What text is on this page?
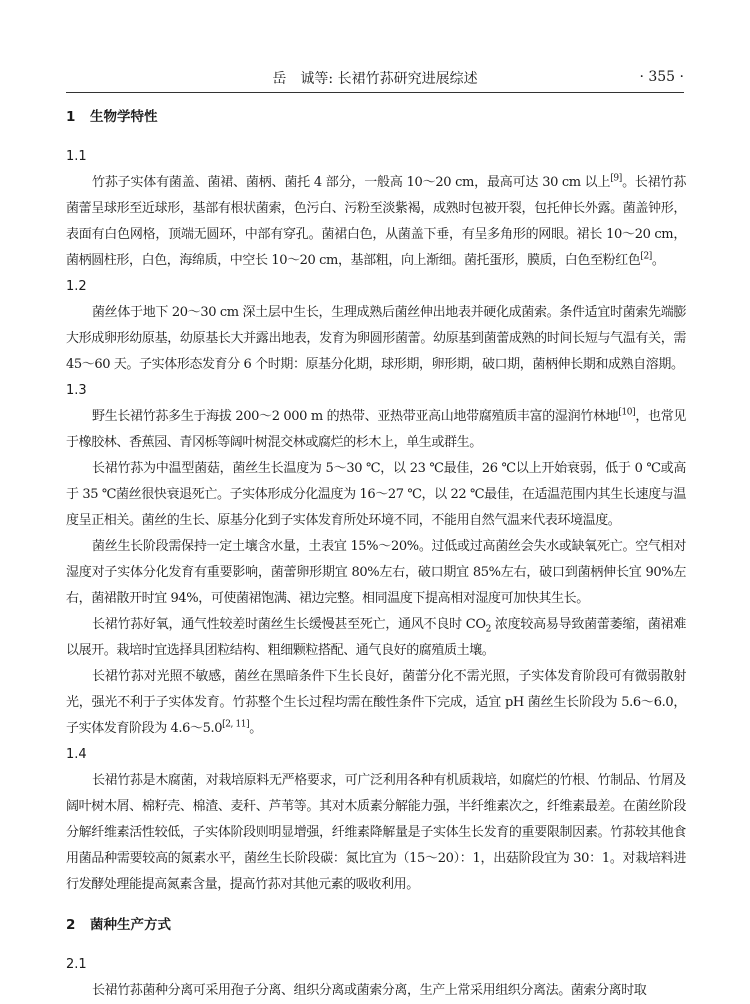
岳　诚等: 长裙竹荪研究进展综述	· 355 ·
1 生物学特性
1.1
竹荪子实体有菌盖、菌裙、菌柄、菌托 4 部分，一般高 10～20 cm，最高可达 30 cm 以上[9]。长裙竹荪菌蕾呈球形至近球形，基部有根状菌索，色污白、污粉至淡紫褐，成熟时包被开裂，包托伸长外露。菌盖钟形，表面有白色网格，顶端无圆环，中部有穿孔。菌裙白色，从菌盖下垂，有呈多角形的网眼。裙长 10～20 cm，菌柄圆柱形，白色，海绵质，中空长 10～20 cm，基部粗，向上渐细。菌托蛋形，膜质，白色至粉红色[2]。
1.2
菌丝体于地下 20～30 cm 深土层中生长，生理成熟后菌丝伸出地表并硬化成菌索。条件适宜时菌索先端膨大形成卵形幼原基，幼原基长大并露出地表，发育为卵圆形菌蕾。幼原基到菌蕾成熟的时间长短与气温有关，需 45～60 天。子实体形态发育分 6 个时期：原基分化期，球形期，卵形期，破口期，菌柄伸长期和成熟自溶期。
1.3
野生长裙竹荪多生于海拔 200～2 000 m 的热带、亚热带亚高山地带腐殖质丰富的湿润竹林地[10]，也常见于橡胶林、香蕉园、青冈栎等阔叶树混交林或腐烂的杉木上，单生或群生。
长裙竹荪为中温型菌菇，菌丝生长温度为 5～30 ℃，以 23 ℃最佳，26 ℃以上开始衰弱，低于 0 ℃或高于 35 ℃菌丝很快衰退死亡。子实体形成分化温度为 16～27 ℃，以 22 ℃最佳，在适温范围内其生长速度与温度呈正相关。菌丝的生长、原基分化到子实体发育所处环境不同，不能用自然气温来代表环境温度。
菌丝生长阶段需保持一定土壤含水量，土表宜 15%～20%。过低或过高菌丝会失水或缺氧死亡。空气相对湿度对子实体分化发育有重要影响，菌蕾卵形期宜 80%左右，破口期宜 85%左右，破口到菌柄伸长宜 90%左右，菌裙散开时宜 94%，可使菌裙饱满、裙边完整。相同温度下提高相对湿度可加快其生长。
长裙竹荪好氧，通气性较差时菌丝生长缓慢甚至死亡，通风不良时 $CO_2$ 浓度较高易导致菌蕾萎缩，菌裙难以展开。栽培时宜选择具团粒结构、粗细颗粒搭配、通气良好的腐殖质土壤。
长裙竹荪对光照不敏感，菌丝在黑暗条件下生长良好，菌蕾分化不需光照，子实体发育阶段可有微弱散射光，强光不利于子实体发育。竹荪整个生长过程均需在酸性条件下完成，适宜 pH 菌丝生长阶段为 5.6～6.0，子实体发育阶段为 4.6～5.0[2, 11]。
1.4
长裙竹荪是木腐菌，对栽培原料无严格要求，可广泛利用各种有机质栽培，如腐烂的竹根、竹制品、竹屑及阔叶树木屑、棉籽壳、棉渣、麦秆、芦苇等。其对木质素分解能力强，半纤维素次之，纤维素最差。在菌丝阶段分解纤维素活性较低，子实体阶段则明显增强，纤维素降解量是子实体生长发育的重要限制因素。竹荪较其他食用菌品种需要较高的氮素水平，菌丝生长阶段碳：氮比宜为（15～20）：1，出菇阶段宜为 30：1。对栽培料进行发酵处理能提高氮素含量，提高竹荪对其他元素的吸收利用。
2 菌种生产方式
2.1
长裙竹荪菌种分离可采用孢子分离、组织分离或菌索分离，生产上常采用组织分离法。菌索分离时取
